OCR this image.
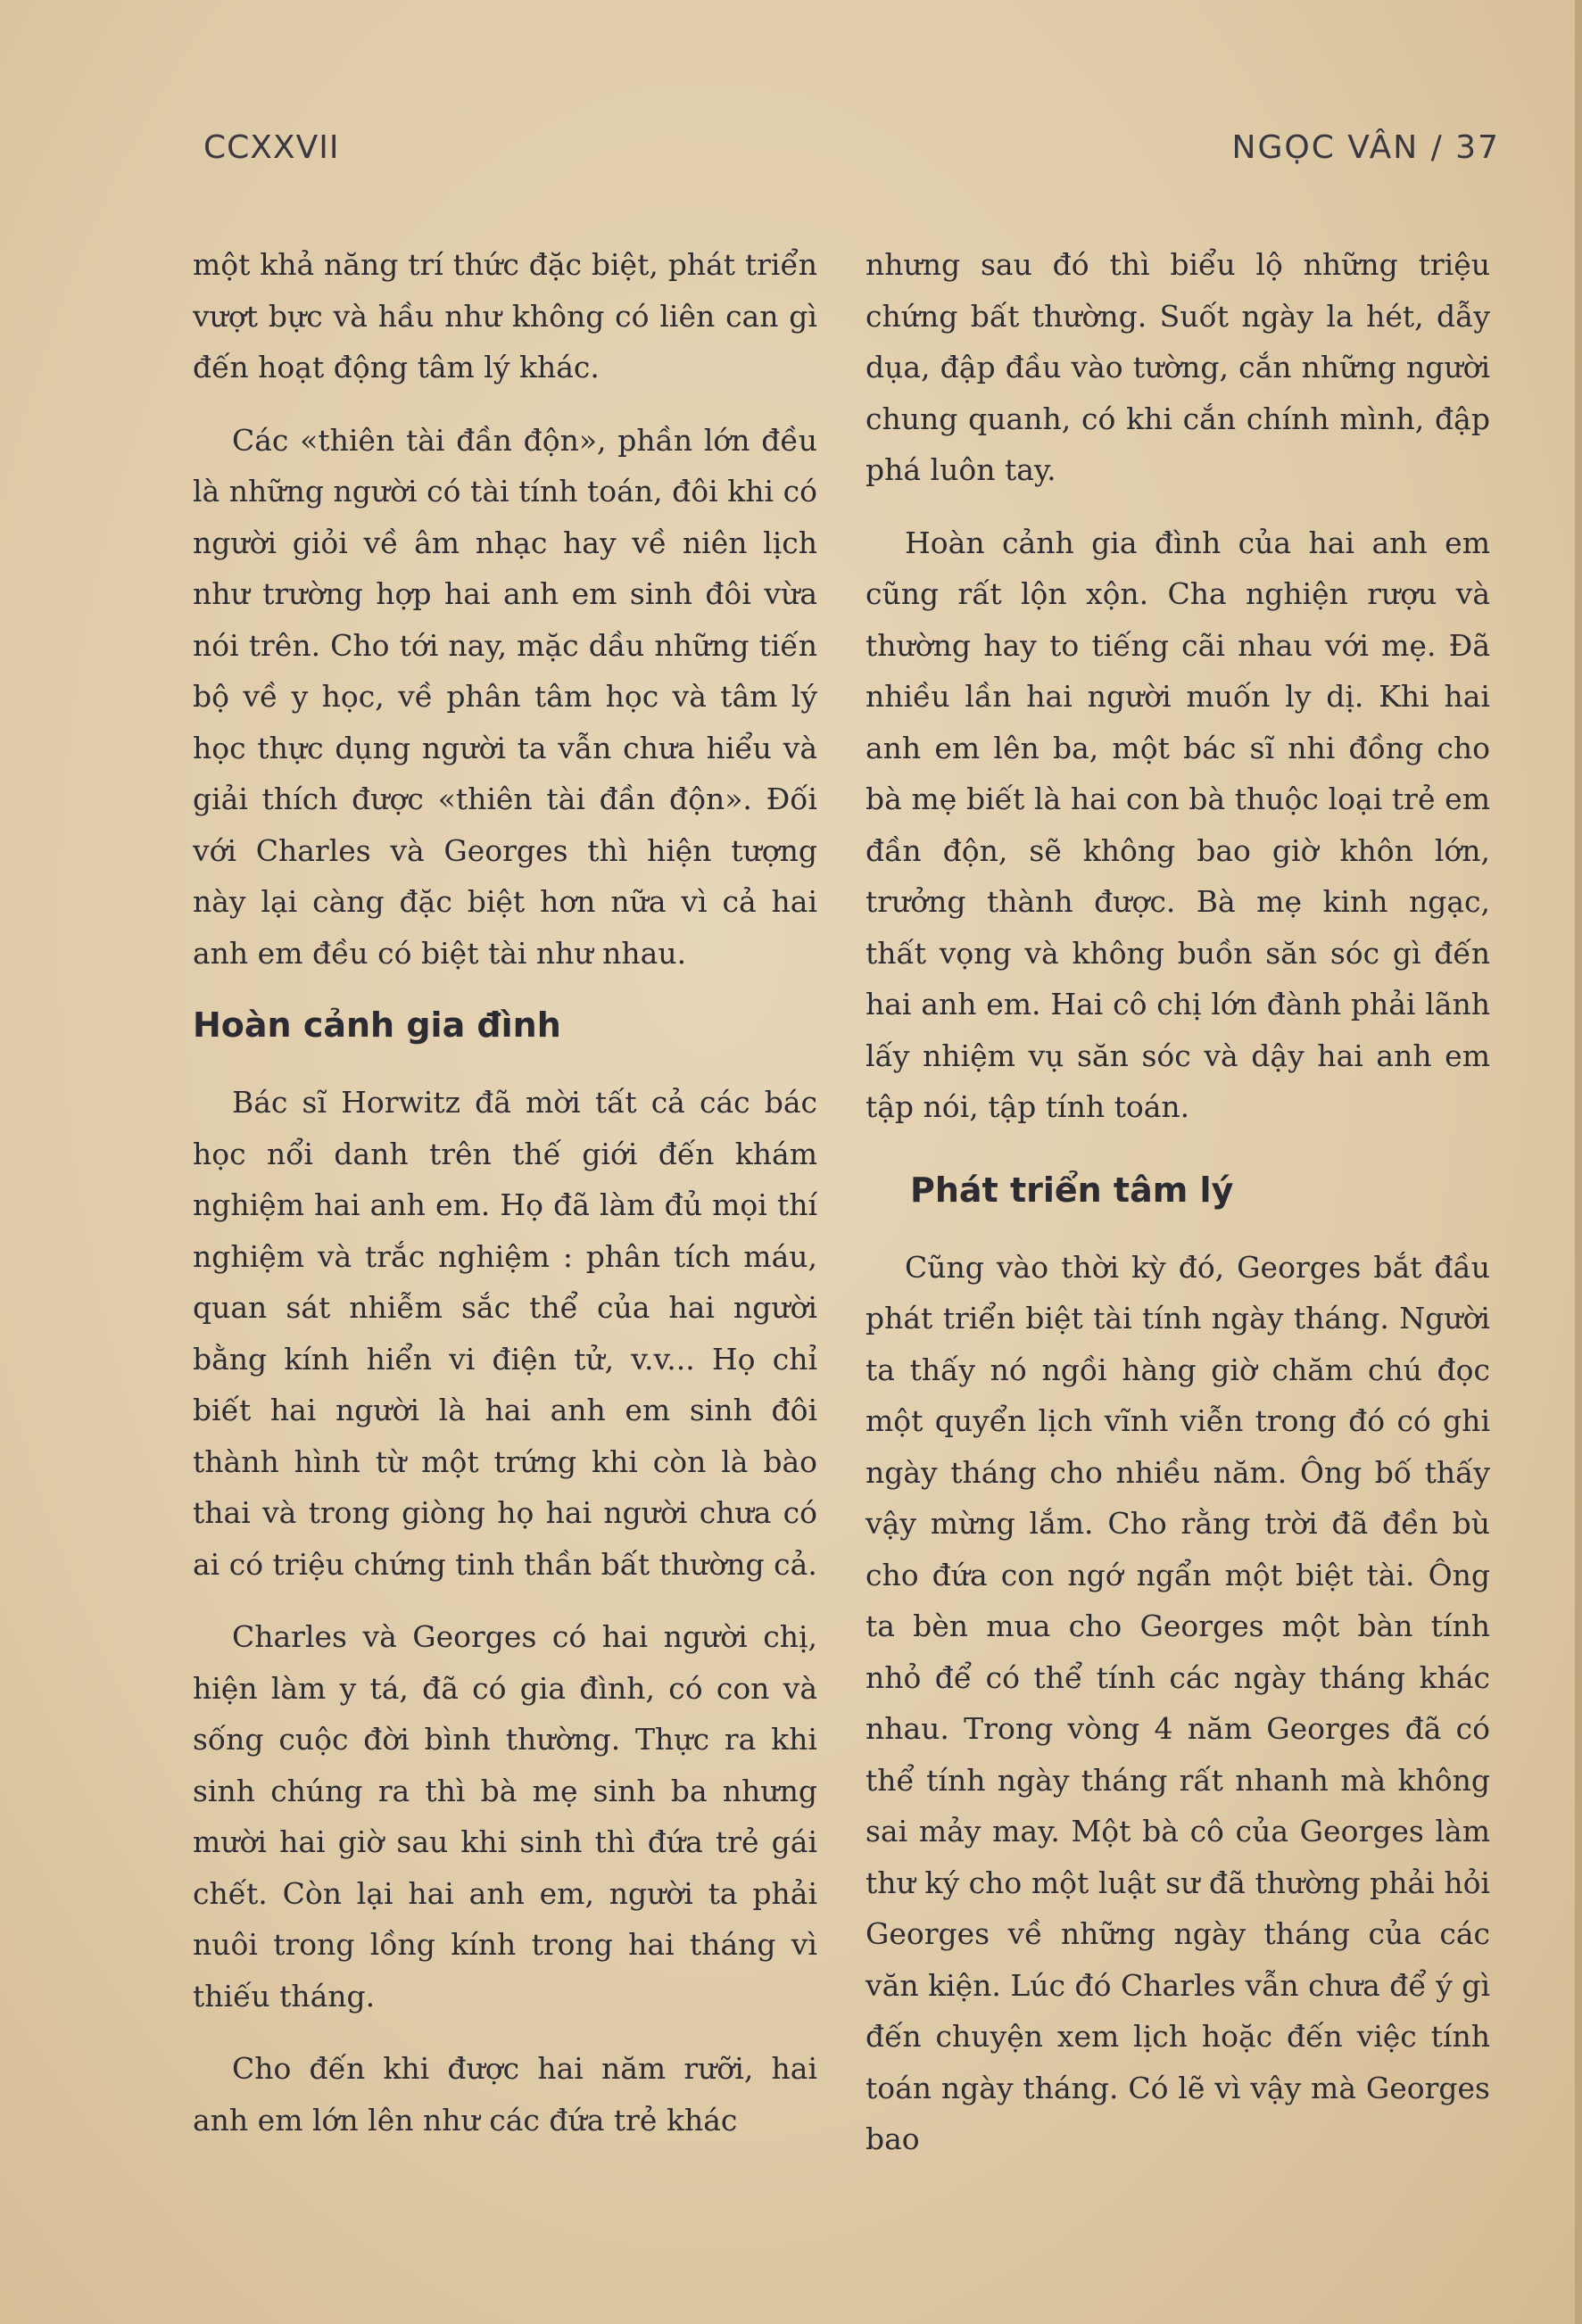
CCXXVII	NGỌC VÂN / 37

một khả năng trí thức đặc biệt, phát triển vượt bực và hầu như không có liên can gì đến hoạt động tâm lý khác.

Các «thiên tài đần độn», phần lớn đều là những người có tài tính toán, đôi khi có người giỏi về âm nhạc hay về niên lịch như trường hợp hai anh em sinh đôi vừa nói trên. Cho tới nay, mặc dầu những tiến bộ về y học, về phân tâm học và tâm lý học thực dụng người ta vẫn chưa hiểu và giải thích được «thiên tài đần độn». Đối với Charles và Georges thì hiện tượng này lại càng đặc biệt hơn nữa vì cả hai anh em đều có biệt tài như nhau.

Hoàn cảnh gia đình

Bác sĩ Horwitz đã mời tất cả các bác học nổi danh trên thế giới đến khám nghiệm hai anh em. Họ đã làm đủ mọi thí nghiệm và trắc nghiệm : phân tích máu, quan sát nhiễm sắc thể của hai người bằng kính hiển vi điện tử, v.v... Họ chỉ biết hai người là hai anh em sinh đôi thành hình từ một trứng khi còn là bào thai và trong giòng họ hai người chưa có ai có triệu chứng tinh thần bất thường cả.

Charles và Georges có hai người chị, hiện làm y tá, đã có gia đình, có con và sống cuộc đời bình thường. Thực ra khi sinh chúng ra thì bà mẹ sinh ba nhưng mười hai giờ sau khi sinh thì đứa trẻ gái chết. Còn lại hai anh em, người ta phải nuôi trong lồng kính trong hai tháng vì thiếu tháng.

Cho đến khi được hai năm rưỡi, hai anh em lớn lên như các đứa trẻ khác

nhưng sau đó thì biểu lộ những triệu chứng bất thường. Suốt ngày la hét, dẫy dụa, đập đầu vào tường, cắn những người chung quanh, có khi cắn chính mình, đập phá luôn tay.

Hoàn cảnh gia đình của hai anh em cũng rất lộn xộn. Cha nghiện rượu và thường hay to tiếng cãi nhau với mẹ. Đã nhiều lần hai người muốn ly dị. Khi hai anh em lên ba, một bác sĩ nhi đồng cho bà mẹ biết là hai con bà thuộc loại trẻ em đần độn, sẽ không bao giờ khôn lớn, trưởng thành được. Bà mẹ kinh ngạc, thất vọng và không buồn săn sóc gì đến hai anh em. Hai cô chị lớn đành phải lãnh lấy nhiệm vụ săn sóc và dậy hai anh em tập nói, tập tính toán.

Phát triển tâm lý

Cũng vào thời kỳ đó, Georges bắt đầu phát triển biệt tài tính ngày tháng. Người ta thấy nó ngồi hàng giờ chăm chú đọc một quyển lịch vĩnh viễn trong đó có ghi ngày tháng cho nhiều năm. Ông bố thấy vậy mừng lắm. Cho rằng trời đã đền bù cho đứa con ngớ ngẩn một biệt tài. Ông ta bèn mua cho Georges một bàn tính nhỏ để có thể tính các ngày tháng khác nhau. Trong vòng 4 năm Georges đã có thể tính ngày tháng rất nhanh mà không sai mảy may. Một bà cô của Georges làm thư ký cho một luật sư đã thường phải hỏi Georges về những ngày tháng của các văn kiện. Lúc đó Charles vẫn chưa để ý gì đến chuyện xem lịch hoặc đến việc tính toán ngày tháng. Có lẽ vì vậy mà Georges bao
